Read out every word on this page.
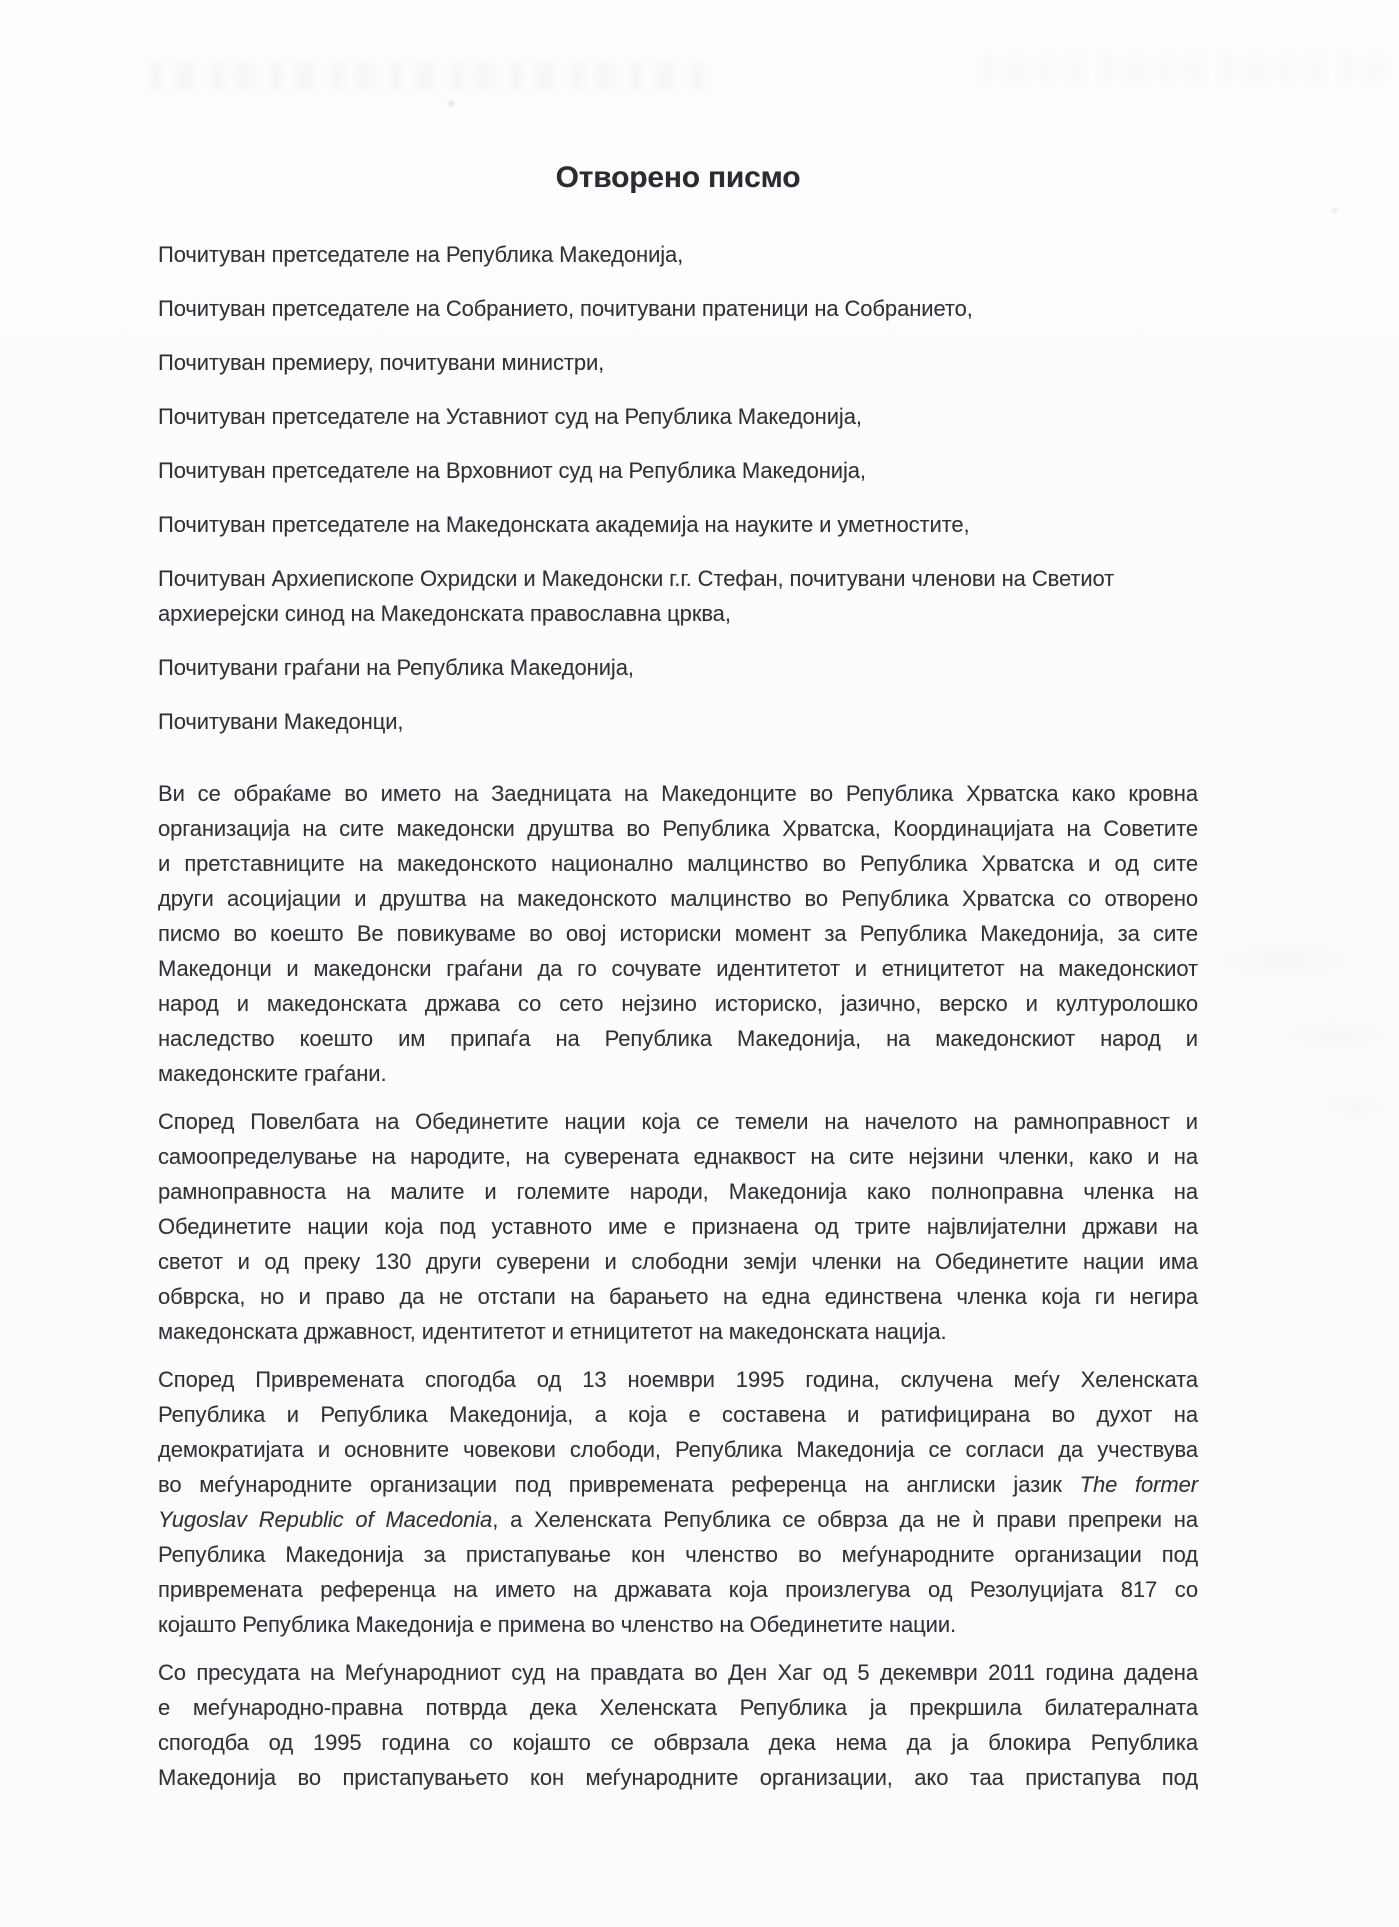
Отворено писмо
Почитуван претседателе на Република Македонија,
Почитуван претседателе на Собранието, почитувани пратеници на Собранието,
Почитуван премиеру, почитувани министри,
Почитуван претседателе на Уставниот суд на Република Македонија,
Почитуван претседателе на Врховниот суд на Република Македонија,
Почитуван претседателе на Македонската академија на науките и уметностите,
Почитуван Архиепископе Охридски и Македонски г.г. Стефан, почитувани членови на Светиот
архиерејски синод на Македонската православна црква,
Почитувани граѓани на Република Македонија,
Почитувани Македонци,
Ви се обраќаме во името на Заедницата на Македонците во Република Хрватска како кровна
организација на сите македонски друштва во Република Хрватска, Координацијата на Советите
и претставниците на македонското национално малцинство во Република Хрватска и од сите
други асоцијации и друштва на македонското малцинство во Република Хрватска со отворено
писмо во коешто Ве повикуваме во овој историски момент за Република Македонија, за сите
Македонци и македонски граѓани да го сочувате идентитетот и етницитетот на македонскиот
народ и македонската држава со сето нејзино историско, јазично, верско и културолошко
наследство коешто им припаѓа на Република Македонија, на македонскиот народ и
македонските граѓани.
Според Повелбата на Обединетите нации која се темели на начелото на рамноправност и
самоопределување на народите, на суверената еднаквост на сите нејзини членки, како и на
рамноправноста на малите и големите народи, Македонија како полноправна членка на
Обединетите нации која под уставното име е признаена од трите највлијателни држави на
светот и од преку 130 други суверени и слободни земји членки на Обединетите нации има
обврска, но и право да не отстапи на барањето на една единствена членка која ги негира
македонската државност, идентитетот и етницитетот на македонската нација.
Според Привремената спогодба од 13 ноември 1995 година, склучена меѓу Хеленската
Република и Република Македонија, а која е составена и ратифицирана во духот на
демократијата и основните човекови слободи, Република Македонија се согласи да учествува
во меѓународните организации под привремената референца на англиски јазик The former
Yugoslav Republic of Macedonia, а Хеленската Република се обврза да не ѝ прави препреки на
Република Македонија за пристапување кон членство во меѓународните организации под
привремената референца на името на државата која произлегува од Резолуцијата 817 со
којашто Република Македонија е примена во членство на Обединетите нации.
Со пресудата на Меѓународниот суд на правдата во Ден Хаг од 5 декември 2011 година дадена
е меѓународно-правна потврда дека Хеленската Република ја прекршила билатералната
спогодба од 1995 година со којашто се обврзала дека нема да ја блокира Република
Македонија во пристапувањето кон меѓународните организации, ако таа пристапува под
